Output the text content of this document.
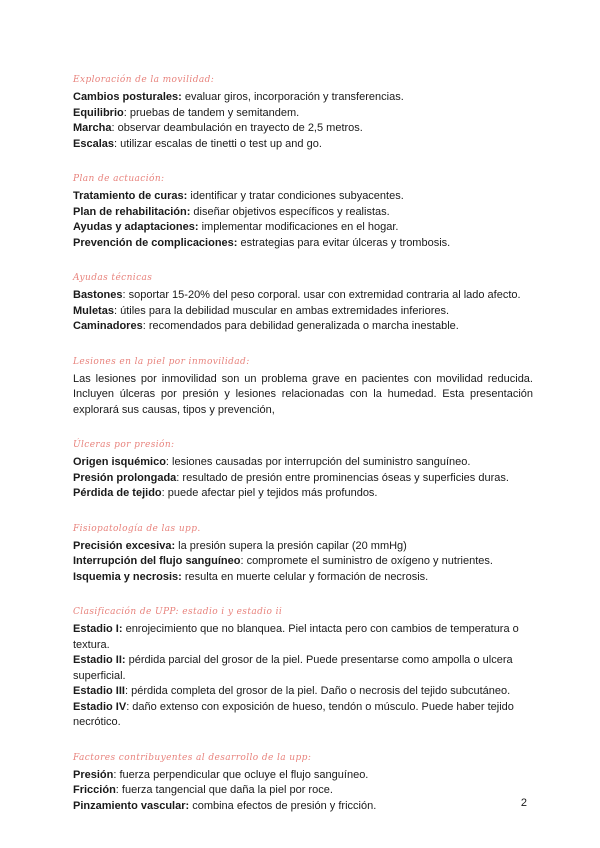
Exploración de la movilidad:

Cambios posturales: evaluar giros, incorporación y transferencias.

Equilibrio: pruebas de tandem y semitandem.

Marcha: observar deambulación en trayecto de 2,5 metros.

Escalas: utilizar escalas de tinetti o test up and go.

Plan de actuación:

Tratamiento de curas: identificar y tratar condiciones subyacentes.

Plan de rehabilitación: diseñar objetivos específicos y realistas.

Ayudas y adaptaciones: implementar modificaciones en el hogar.

Prevención de complicaciones: estrategias para evitar úlceras y trombosis.

Ayudas técnicas

Bastones: soportar 15-20% del peso corporal. usar con extremidad contraria al lado afecto.

Muletas: útiles para la debilidad muscular en ambas extremidades inferiores.

Caminadores: recomendados para debilidad generalizada o marcha inestable.

Lesiones en la piel por inmovilidad:

Las lesiones por inmovilidad son un problema grave en pacientes con movilidad reducida. Incluyen úlceras por presión y lesiones relacionadas con la humedad. Esta presentación explorará sus causas, tipos y prevención,

Úlceras por presión:

Origen isquémico: lesiones causadas por interrupción del suministro sanguíneo.

Presión prolongada: resultado de presión entre prominencias óseas y superficies duras.

Pérdida de tejido: puede afectar piel y tejidos más profundos.

Fisiopatología de las upp.

Precisión excesiva: la presión supera la presión capilar (20 mmHg)

Interrupción del flujo sanguíneo: compromete el suministro de oxígeno y nutrientes.

Isquemia y necrosis: resulta en muerte celular y formación de necrosis.

Clasificación de UPP: estadio i y estadio ii

Estadio I: enrojecimiento que no blanquea. Piel intacta pero con cambios de temperatura o textura.

Estadio II: pérdida parcial del grosor de la piel. Puede presentarse como ampolla o ulcera superficial.

Estadio III: pérdida completa del grosor de la piel. Daño o necrosis del tejido subcutáneo.

Estadio IV: daño extenso con exposición de hueso, tendón o músculo. Puede haber tejido necrótico.

Factores contribuyentes al desarrollo de la upp:

Presión: fuerza perpendicular que ocluye el flujo sanguíneo.

Fricción: fuerza tangencial que daña la piel por roce.

Pinzamiento vascular: combina efectos de presión y fricción.	2
